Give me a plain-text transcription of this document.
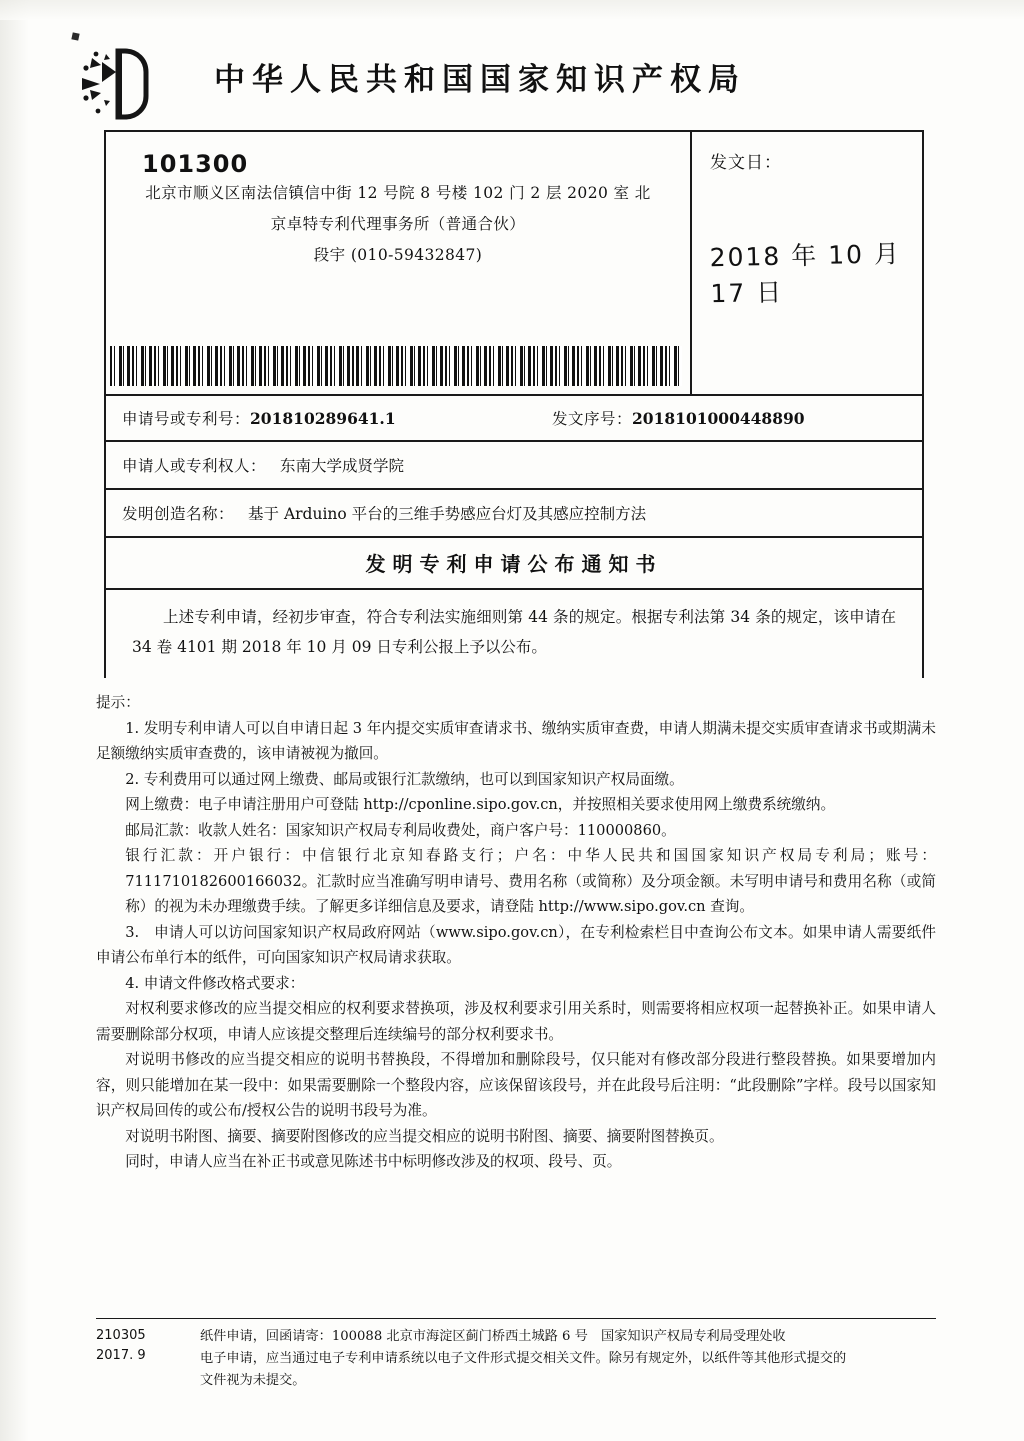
中华人民共和国国家知识产权局
101300
北京市顺义区南法信镇信中街 12 号院 8 号楼 102 门 2 层 2020 室 北
京卓特专利代理事务所（普通合伙）
段宇 (010-59432847)
发文日：
2018 年 10 月 17 日
申请号或专利号：201810289641.1	发文序号：2018101000448890
申请人或专利权人： 东南大学成贤学院
发明创造名称： 基于 Arduino 平台的三维手势感应台灯及其感应控制方法
发明专利申请公布通知书
上述专利申请，经初步审查，符合专利法实施细则第 44 条的规定。根据专利法第 34 条的规定，该申请在 34 卷 4101 期 2018 年 10 月 09 日专利公报上予以公布。

提示：

1. 发明专利申请人可以自申请日起 3 年内提交实质审查请求书、缴纳实质审查费，申请人期满未提交实质审查请求书或期满未足额缴纳实质审查费的，该申请被视为撤回。

2. 专利费用可以通过网上缴费、邮局或银行汇款缴纳，也可以到国家知识产权局面缴。

网上缴费：电子申请注册用户可登陆 http://cponline.sipo.gov.cn，并按照相关要求使用网上缴费系统缴纳。

邮局汇款：收款人姓名：国家知识产权局专利局收费处，商户客户号：110000860。

银行汇款：开户银行：中信银行北京知春路支行；户名：中华人民共和国国家知识产权局专利局；账号：7111710182600166032。汇款时应当准确写明申请号、费用名称（或简称）及分项金额。未写明申请号和费用名称（或简称）的视为未办理缴费手续。了解更多详细信息及要求，请登陆 http://www.sipo.gov.cn 查询。

3.　申请人可以访问国家知识产权局政府网站（www.sipo.gov.cn），在专利检索栏目中查询公布文本。如果申请人需要纸件申请公布单行本的纸件，可向国家知识产权局请求获取。

4. 申请文件修改格式要求：

对权利要求修改的应当提交相应的权利要求替换项，涉及权利要求引用关系时，则需要将相应权项一起替换补正。如果申请人需要删除部分权项，申请人应该提交整理后连续编号的部分权利要求书。

对说明书修改的应当提交相应的说明书替换段，不得增加和删除段号，仅只能对有修改部分段进行整段替换。如果要增加内容，则只能增加在某一段中：如果需要删除一个整段内容，应该保留该段号，并在此段号后注明：“此段删除”字样。段号以国家知识产权局回传的或公布/授权公告的说明书段号为准。

对说明书附图、摘要、摘要附图修改的应当提交相应的说明书附图、摘要、摘要附图替换页。

同时，申请人应当在补正书或意见陈述书中标明修改涉及的权项、段号、页。

210305
2017. 9
纸件申请，回函请寄：100088 北京市海淀区蓟门桥西土城路 6 号　国家知识产权局专利局受理处收
电子申请，应当通过电子专利申请系统以电子文件形式提交相关文件。除另有规定外，以纸件等其他形式提交的
文件视为未提交。
